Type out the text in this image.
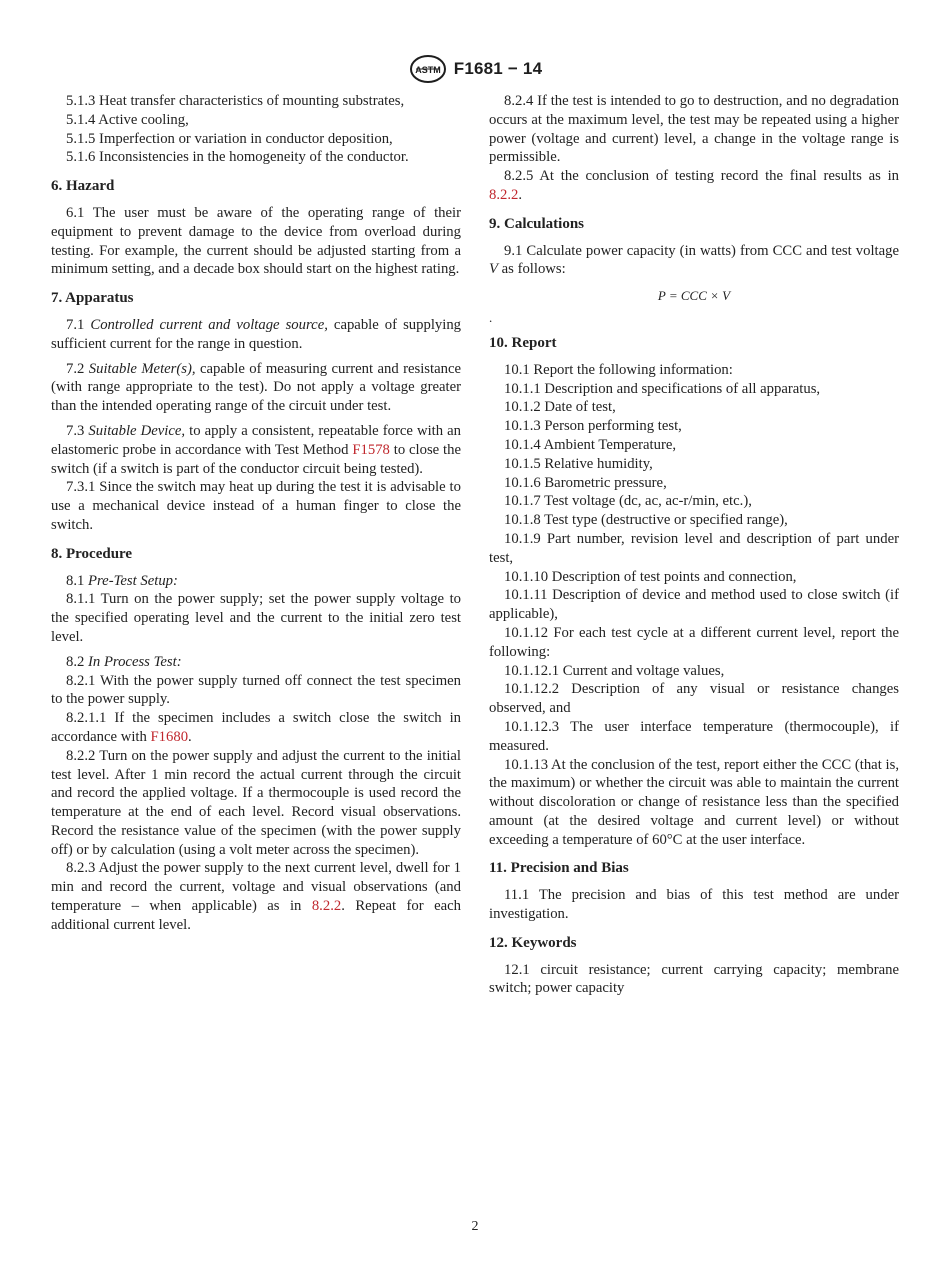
ASTM F1681 − 14

5.1.3 Heat transfer characteristics of mounting substrates,

5.1.4 Active cooling,

5.1.5 Imperfection or variation in conductor deposition,

5.1.6 Inconsistencies in the homogeneity of the conductor.

6. Hazard

6.1 The user must be aware of the operating range of their equipment to prevent damage to the device from overload during testing. For example, the current should be adjusted starting from a minimum setting, and a decade box should start on the highest rating.

7. Apparatus

7.1 Controlled current and voltage source, capable of supplying sufficient current for the range in question.

7.2 Suitable Meter(s), capable of measuring current and resistance (with range appropriate to the test). Do not apply a voltage greater than the intended operating range of the circuit under test.

7.3 Suitable Device, to apply a consistent, repeatable force with an elastomeric probe in accordance with Test Method F1578 to close the switch (if a switch is part of the conductor circuit being tested).

7.3.1 Since the switch may heat up during the test it is advisable to use a mechanical device instead of a human finger to close the switch.

8. Procedure

8.1 Pre-Test Setup:

8.1.1 Turn on the power supply; set the power supply voltage to the specified operating level and the current to the initial zero test level.

8.2 In Process Test:

8.2.1 With the power supply turned off connect the test specimen to the power supply.

8.2.1.1 If the specimen includes a switch close the switch in accordance with F1680.

8.2.2 Turn on the power supply and adjust the current to the initial test level. After 1 min record the actual current through the circuit and record the applied voltage. If a thermocouple is used record the temperature at the end of each level. Record visual observations. Record the resistance value of the specimen (with the power supply off) or by calculation (using a volt meter across the specimen).

8.2.3 Adjust the power supply to the next current level, dwell for 1 min and record the current, voltage and visual observations (and temperature – when applicable) as in 8.2.2. Repeat for each additional current level.

8.2.4 If the test is intended to go to destruction, and no degradation occurs at the maximum level, the test may be repeated using a higher power (voltage and current) level, a change in the voltage range is permissible.

8.2.5 At the conclusion of testing record the final results as in 8.2.2.

9. Calculations

9.1 Calculate power capacity (in watts) from CCC and test voltage V as follows:

P = CCC × V
.
10. Report

10.1 Report the following information:

10.1.1 Description and specifications of all apparatus,

10.1.2 Date of test,

10.1.3 Person performing test,

10.1.4 Ambient Temperature,

10.1.5 Relative humidity,

10.1.6 Barometric pressure,

10.1.7 Test voltage (dc, ac, ac-r/min, etc.),

10.1.8 Test type (destructive or specified range),

10.1.9 Part number, revision level and description of part under test,

10.1.10 Description of test points and connection,

10.1.11 Description of device and method used to close switch (if applicable),

10.1.12 For each test cycle at a different current level, report the following:

10.1.12.1 Current and voltage values,

10.1.12.2 Description of any visual or resistance changes observed, and

10.1.12.3 The user interface temperature (thermocouple), if measured.

10.1.13 At the conclusion of the test, report either the CCC (that is, the maximum) or whether the circuit was able to maintain the current without discoloration or change of resistance less than the specified amount (at the desired voltage and current level) or without exceeding a temperature of 60°C at the user interface.

11. Precision and Bias

11.1 The precision and bias of this test method are under investigation.

12. Keywords

12.1 circuit resistance; current carrying capacity; membrane switch; power capacity

2
